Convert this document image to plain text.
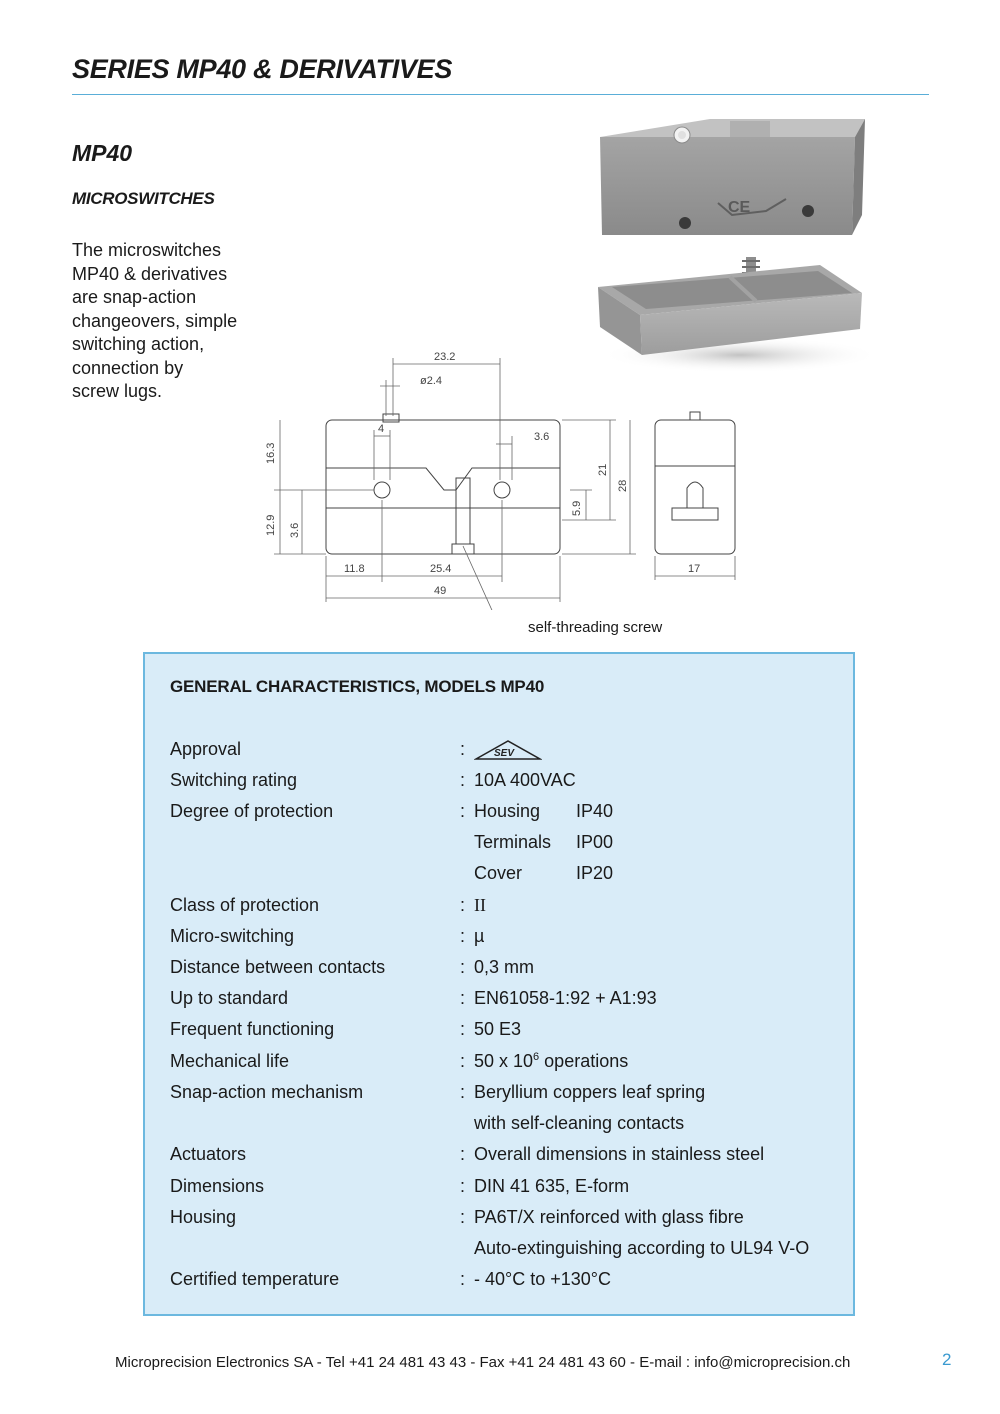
SERIES MP40 & DERIVATIVES
MP40
MICROSWITCHES
The microswitches
MP40 & derivatives
are snap-action
changeovers, simple
switching action,
connection by
screw lugs.
CE
23.2
ø2.4
4
3.6
16.3
12.9 3.6
21
28
5.9
11.8	25.4
49
17
self-threading screw
GENERAL CHARACTERISTICS, MODELS MP40
Approval	:	SEV
Switching rating	: 10A 400VAC
Degree of protection	: Housing IP40
Terminals IP00
Cover	IP20
Class of protection	: II
Micro-switching	: µ
Distance between contacts	: 0,3 mm
Up to standard	: EN61058-1:92 + A1:93
Frequent functioning	: 50 E3
Mechanical life	: 50 x $10^6$ operations
Snap-action mechanism	: Beryllium coppers leaf spring
with self-cleaning contacts
Actuators	: Overall dimensions in stainless steel
Dimensions	: DIN 41 635, E-form
Housing	: PA6T/X reinforced with glass fibre
Auto-extinguishing according to UL94 V-O
Certified temperature	: - 40°C to +130°C
Microprecision Electronics SA - Tel +41 24 481 43 43 - Fax +41 24 481 43 60 - E-mail : info@microprecision.ch	2
